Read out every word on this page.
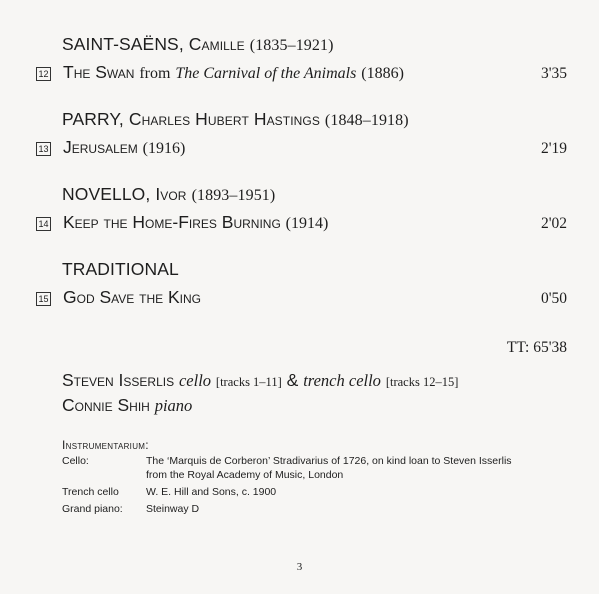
SAINT-SAËNS, Camille (1835–1921)
12 The Swan from The Carnival of the Animals (1886)	3'35
PARRY, Charles Hubert Hastings (1848–1918)
13 Jerusalem (1916)	2'19
NOVELLO, Ivor (1893–1951)
14 Keep the Home-Fires Burning (1914)	2'02
TRADITIONAL
15 God Save the King	0'50
TT: 65'38
Steven Isserlis cello [tracks 1–11] & trench cello [tracks 12–15]
Connie Shih piano
Instrumentarium:
Cello:	The ‘Marquis de Corberon’ Stradivarius of 1726, on kind loan to Steven Isserlis from the Royal Academy of Music, London
Trench cello	W. E. Hill and Sons, c. 1900
Grand piano:	Steinway D
3
